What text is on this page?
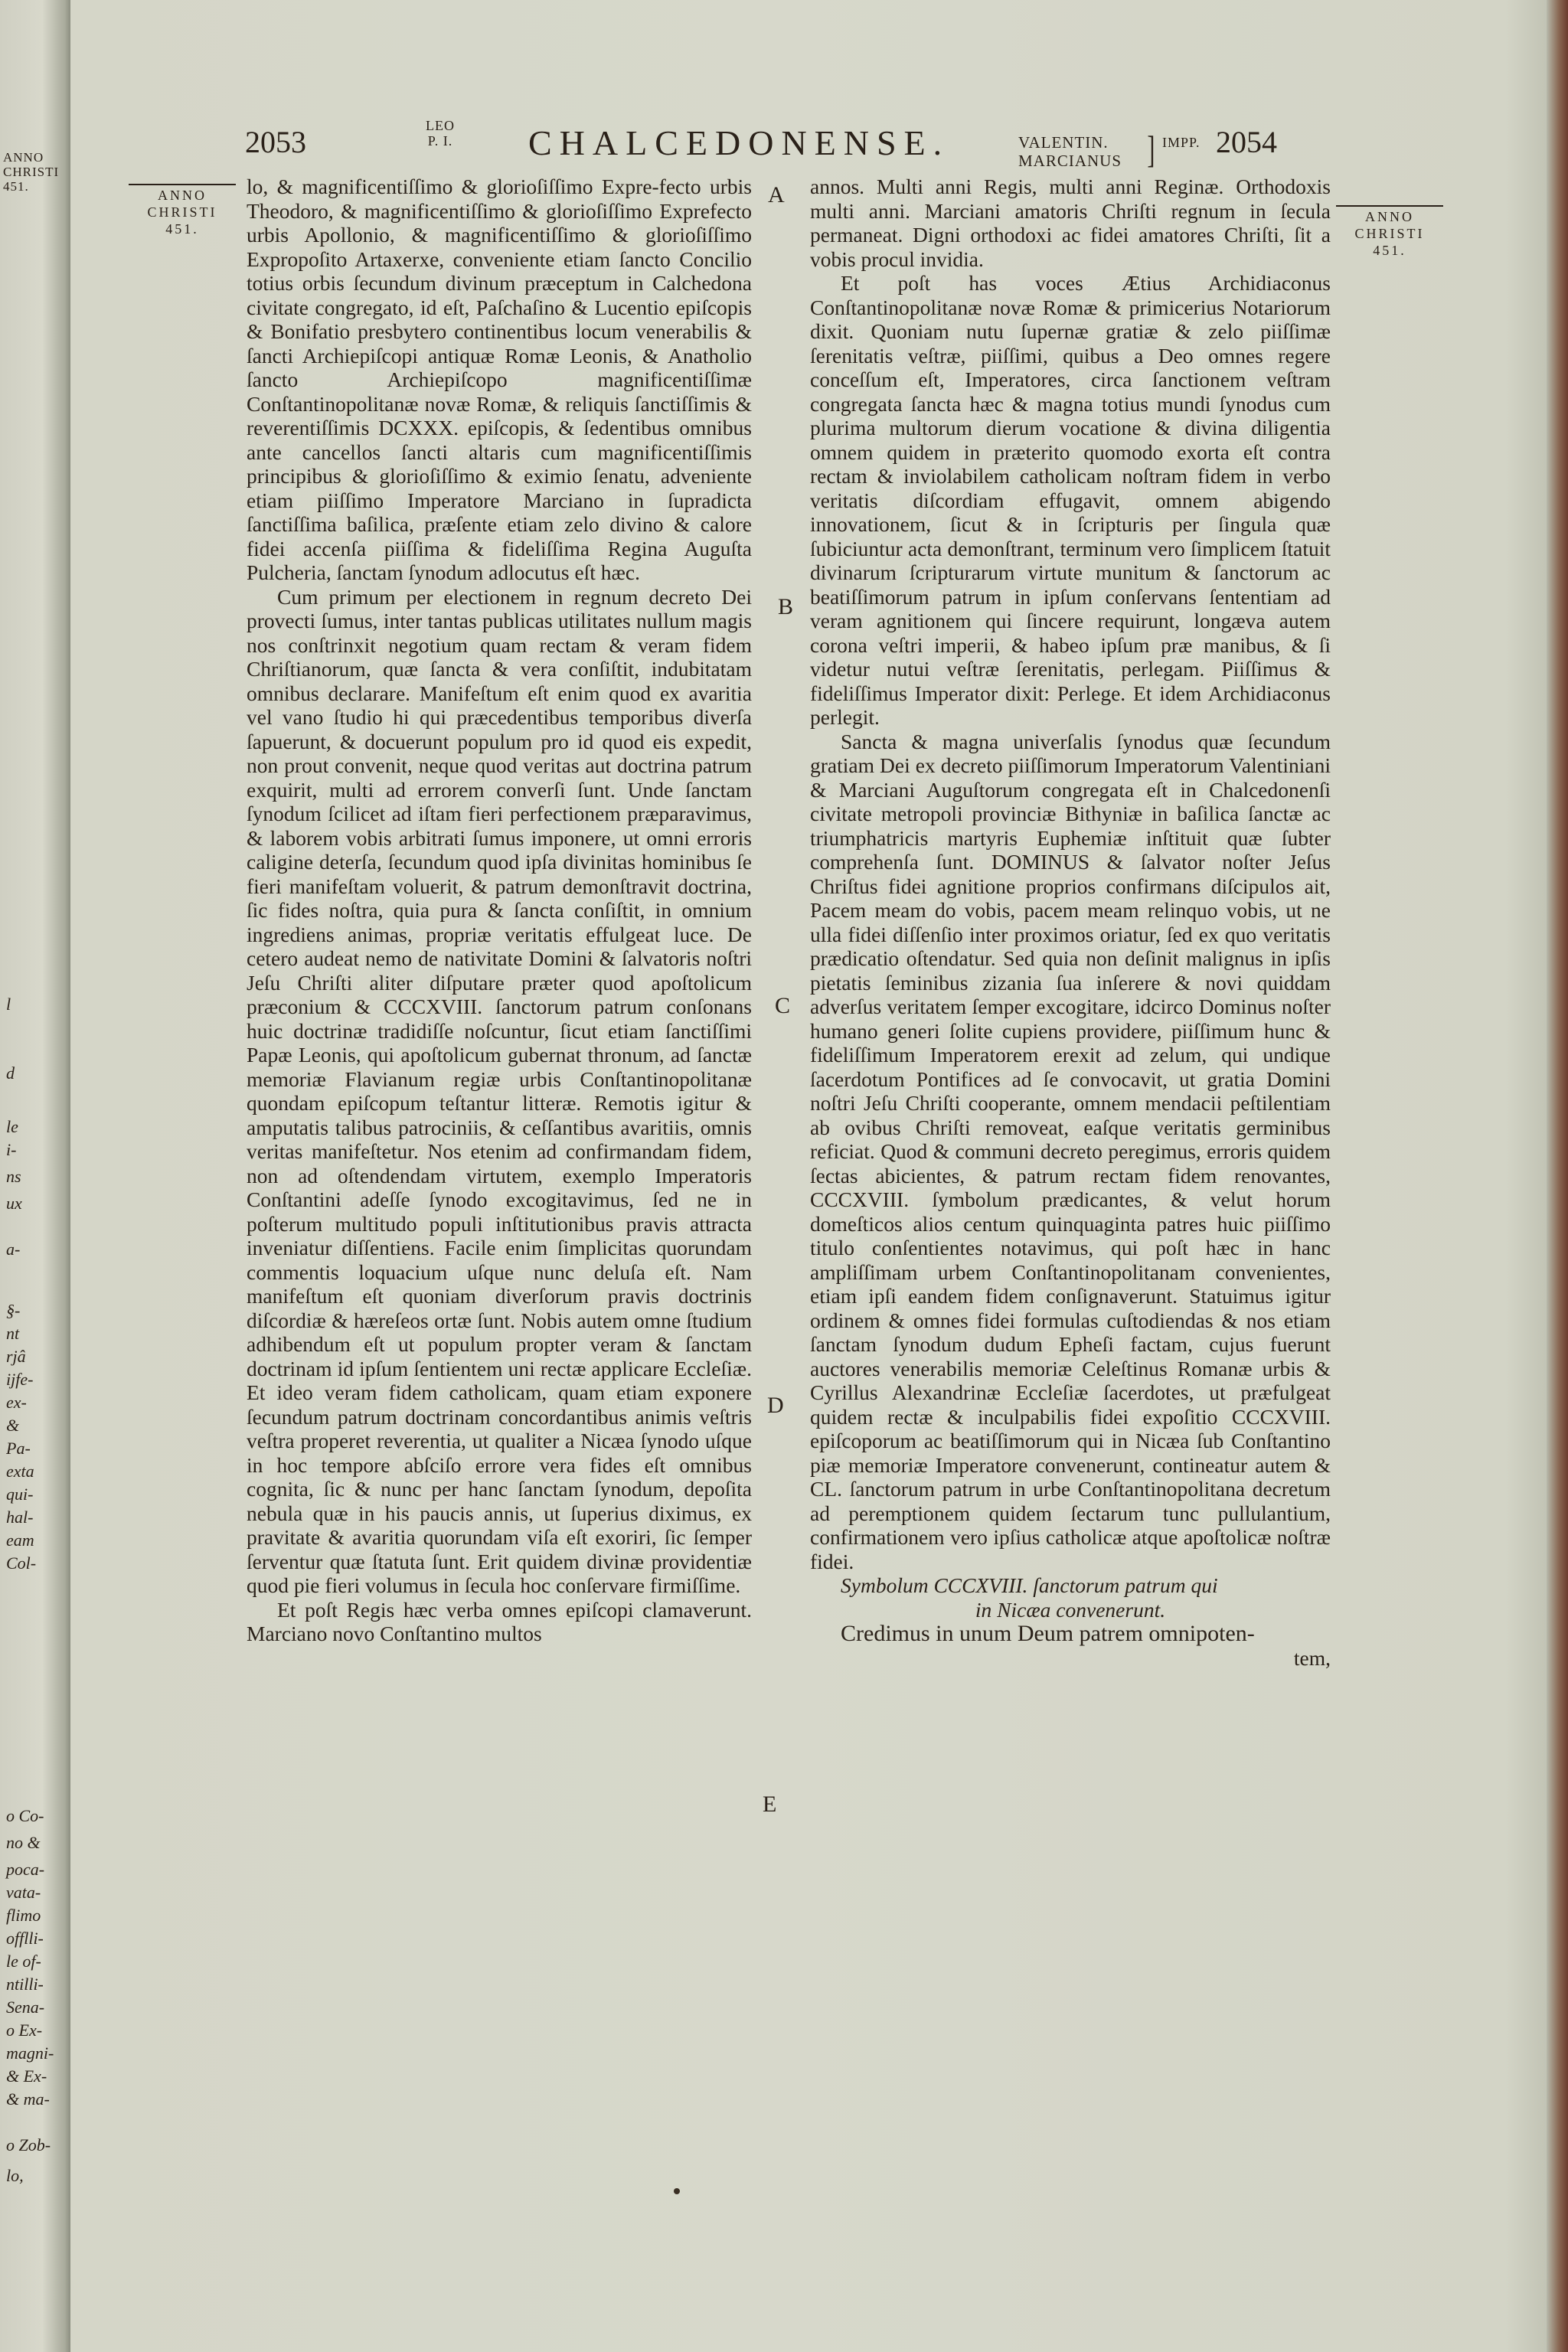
ANNO
CHRISTI
451.
l
d
le
i-
ns
ux
a-
§-
nt
rjâ
ijfe-
ex-
&
Pa-
exta
qui-
hal-
eam
Col-
o Co-
no &
poca-
vata-
flimo
offlli-
le of-
ntilli-
Sena-
o Ex-
magni-
& Ex-
& ma-
o Zob-
lo,
2053	LEO
P. I. CHALCEDONENSE.	VALENTIN.
MARCIANUS ] IMPP. 2054
ANNO
CHRISTI
451.
ANNO
CHRISTI
451.
A
B
C
D
E

lo, & magnificentiſſimo & glorioſiſſimo Expre-fecto urbis Theodoro, & magnificentiſſimo & glorioſiſſimo Exprefecto urbis Apollonio, & magnificentiſſimo & glorioſiſſimo Expropoſito Artaxerxe, conveniente etiam ſancto Concilio totius orbis ſecundum divinum præceptum in Calchedona civitate congregato, id eſt, Paſchaſino & Lucentio epiſcopis & Bonifatio presbytero continentibus locum venerabilis & ſancti Archiepiſcopi antiquæ Romæ Leonis, & Anatholio ſancto Archiepiſcopo magnificentiſſimæ Conſtantinopolitanæ novæ Romæ, & reliquis ſanctiſſimis & reverentiſſimis DCXXX. epiſcopis, & ſedentibus omnibus ante cancellos ſancti altaris cum magnificentiſſimis principibus & glorioſiſſimo & eximio ſenatu, adveniente etiam piiſſimo Imperatore Marciano in ſupradicta ſanctiſſima baſilica, præſente etiam zelo divino & calore fidei accenſa piiſſima & fideliſſima Regina Auguſta Pulcheria, ſanctam ſynodum adlocutus eſt hæc.

Cum primum per electionem in regnum decreto Dei provecti ſumus, inter tantas publicas utilitates nullum magis nos conſtrinxit negotium quam rectam & veram fidem Chriſtianorum, quæ ſancta & vera conſiſtit, indubitatam omnibus declarare. Manifeſtum eſt enim quod ex avaritia vel vano ſtudio hi qui præcedentibus temporibus diverſa ſapuerunt, & docuerunt populum pro id quod eis expedit, non prout convenit, neque quod veritas aut doctrina patrum exquirit, multi ad errorem converſi ſunt. Unde ſanctam ſynodum ſcilicet ad iſtam fieri perfectionem præparavimus, & laborem vobis arbitrati ſumus imponere, ut omni erroris caligine deterſa, ſecundum quod ipſa divinitas hominibus ſe fieri manifeſtam voluerit, & patrum demonſtravit doctrina, ſic fides noſtra, quia pura & ſancta conſiſtit, in omnium ingrediens animas, propriæ veritatis effulgeat luce. De cetero audeat nemo de nativitate Domini & ſalvatoris noſtri Jeſu Chriſti aliter diſputare præter quod apoſtolicum præconium & CCCXVIII. ſanctorum patrum conſonans huic doctrinæ tradidiſſe noſcuntur, ſicut etiam ſanctiſſimi Papæ Leonis, qui apoſtolicum gubernat thronum, ad ſanctæ memoriæ Flavianum regiæ urbis Conſtantinopolitanæ quondam epiſcopum teſtantur litteræ. Remotis igitur & amputatis talibus patrociniis, & ceſſantibus avaritiis, omnis veritas manifeſtetur. Nos etenim ad confirmandam fidem, non ad oſtendendam virtutem, exemplo Imperatoris Conſtantini adeſſe ſynodo excogitavimus, ſed ne in poſterum multitudo populi inſtitutionibus pravis attracta inveniatur diſſentiens. Facile enim ſimplicitas quorundam commentis loquacium uſque nunc deluſa eſt. Nam manifeſtum eſt quoniam diverſorum pravis doctrinis diſcordiæ & hæreſeos ortæ ſunt. Nobis autem omne ſtudium adhibendum eſt ut populum propter veram & ſanctam doctrinam id ipſum ſentientem uni rectæ applicare Eccleſiæ. Et ideo veram fidem catholicam, quam etiam exponere ſecundum patrum doctrinam concordantibus animis veſtris veſtra properet reverentia, ut qualiter a Nicæa ſynodo uſque in hoc tempore abſciſo errore vera fides eſt omnibus cognita, ſic & nunc per hanc ſanctam ſynodum, depoſita nebula quæ in his paucis annis, ut ſuperius diximus, ex pravitate & avaritia quorundam viſa eſt exoriri, ſic ſemper ſerventur quæ ſtatuta ſunt. Erit quidem divinæ providentiæ quod pie fieri volumus in ſecula hoc conſervare firmiſſime.

Et poſt Regis hæc verba omnes epiſcopi clamaverunt. Marciano novo Conſtantino multos

annos. Multi anni Regis, multi anni Reginæ. Orthodoxis multi anni. Marciani amatoris Chriſti regnum in ſecula permaneat. Digni orthodoxi ac fidei amatores Chriſti, ſit a vobis procul invidia.

Et poſt has voces Ætius Archidiaconus Conſtantinopolitanæ novæ Romæ & primicerius Notariorum dixit. Quoniam nutu ſupernæ gratiæ & zelo piiſſimæ ſerenitatis veſtræ, piiſſimi, quibus a Deo omnes regere conceſſum eſt, Imperatores, circa ſanctionem veſtram congregata ſancta hæc & magna totius mundi ſynodus cum plurima multorum dierum vocatione & divina diligentia omnem quidem in præterito quomodo exorta eſt contra rectam & inviolabilem catholicam noſtram fidem in verbo veritatis diſcordiam effugavit, omnem abigendo innovationem, ſicut & in ſcripturis per ſingula quæ ſubiciuntur acta demonſtrant, terminum vero ſimplicem ſtatuit divinarum ſcripturarum virtute munitum & ſanctorum ac beatiſſimorum patrum in ipſum conſervans ſententiam ad veram agnitionem qui ſincere requirunt, longæva autem corona veſtri imperii, & habeo ipſum præ manibus, & ſi videtur nutui veſtræ ſerenitatis, perlegam. Piiſſimus & fideliſſimus Imperator dixit: Perlege. Et idem Archidiaconus perlegit.

Sancta & magna univerſalis ſynodus quæ ſecundum gratiam Dei ex decreto piiſſimorum Imperatorum Valentiniani & Marciani Auguſtorum congregata eſt in Chalcedonenſi civitate metropoli provinciæ Bithyniæ in baſilica ſanctæ ac triumphatricis martyris Euphemiæ inſtituit quæ ſubter comprehenſa ſunt. DOMINUS & ſalvator noſter Jeſus Chriſtus fidei agnitione proprios confirmans diſcipulos ait, Pacem meam do vobis, pacem meam relinquo vobis, ut ne ulla fidei diſſenſio inter proximos oriatur, ſed ex quo veritatis prædicatio oſtendatur. Sed quia non deſinit malignus in ipſis pietatis ſeminibus zizania ſua inſerere & novi quiddam adverſus veritatem ſemper excogitare, idcirco Dominus noſter humano generi ſolite cupiens providere, piiſſimum hunc & fideliſſimum Imperatorem erexit ad zelum, qui undique ſacerdotum Pontifices ad ſe convocavit, ut gratia Domini noſtri Jeſu Chriſti cooperante, omnem mendacii peſtilentiam ab ovibus Chriſti removeat, eaſque veritatis germinibus reficiat. Quod & communi decreto peregimus, erroris quidem ſectas abicientes, & patrum rectam fidem renovantes, CCCXVIII. ſymbolum prædicantes, & velut horum domeſticos alios centum quinquaginta patres huic piiſſimo titulo conſentientes notavimus, qui poſt hæc in hanc ampliſſimam urbem Conſtantinopolitanam convenientes, etiam ipſi eandem fidem conſignaverunt. Statuimus igitur ordinem & omnes fidei formulas cuſtodiendas & nos etiam ſanctam ſynodum dudum Epheſi factam, cujus fuerunt auctores venerabilis memoriæ Celeſtinus Romanæ urbis & Cyrillus Alexandrinæ Eccleſiæ ſacerdotes, ut præfulgeat quidem rectæ & inculpabilis fidei expoſitio CCCXVIII. epiſcoporum ac beatiſſimorum qui in Nicæa ſub Conſtantino piæ memoriæ Imperatore convenerunt, contineatur autem & CL. ſanctorum patrum in urbe Conſtantinopolitana decretum ad peremptionem quidem ſectarum tunc pullulantium, confirmationem vero ipſius catholicæ atque apoſtolicæ noſtræ fidei.

Symbolum CCCXVIII. ſanctorum patrum qui

in Nicæa convenerunt.

Credimus in unum Deum patrem omnipoten-

tem,
